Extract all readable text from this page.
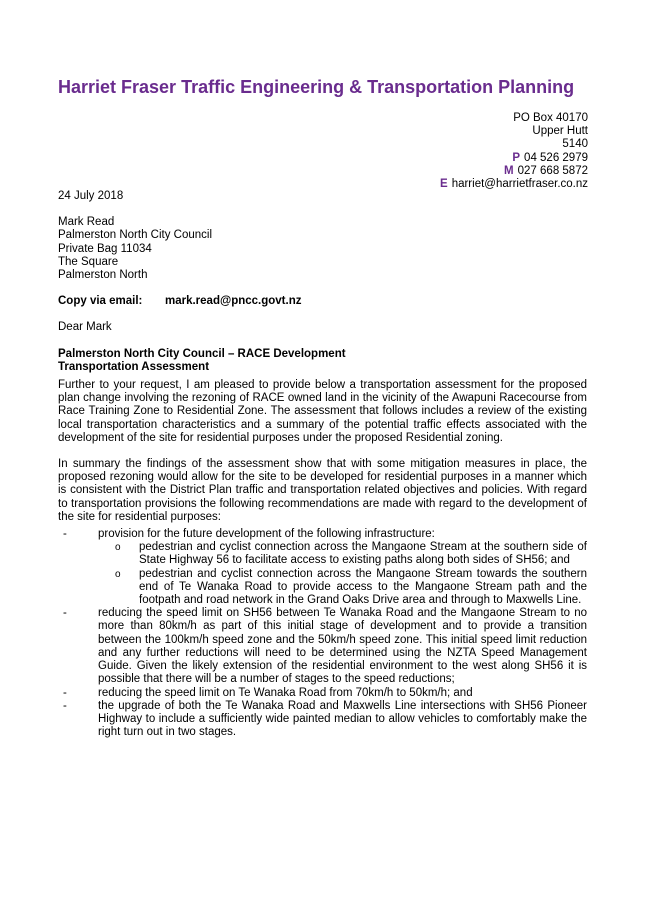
Harriet Fraser Traffic Engineering & Transportation Planning
PO Box 40170
Upper Hutt
5140
P 04 526 2979
M 027 668 5872
E harriet@harrietfraser.co.nz

24 July 2018

Mark Read

Palmerston North City Council

Private Bag 11034

The Square

Palmerston North

Copy via email:	mark.read@pncc.govt.nz

Dear Mark

Palmerston North City Council – RACE Development

Transportation Assessment

Further to your request, I am pleased to provide below a transportation assessment for the proposed plan change involving the rezoning of RACE owned land in the vicinity of the Awapuni Racecourse from Race Training Zone to Residential Zone. The assessment that follows includes a review of the existing local transportation characteristics and a summary of the potential traffic effects associated with the development of the site for residential purposes under the proposed Residential zoning.

In summary the findings of the assessment show that with some mitigation measures in place, the proposed rezoning would allow for the site to be developed for residential purposes in a manner which is consistent with the District Plan traffic and transportation related objectives and policies. With regard to transportation provisions the following recommendations are made with regard to the development of the site for residential purposes:

- provision for the future development of the following infrastructure:
o pedestrian and cyclist connection across the Mangaone Stream at the southern side of State Highway 56 to facilitate access to existing paths along both sides of SH56; and
o pedestrian and cyclist connection across the Mangaone Stream towards the southern end of Te Wanaka Road to provide access to the Mangaone Stream path and the footpath and road network in the Grand Oaks Drive area and through to Maxwells Line.
- reducing the speed limit on SH56 between Te Wanaka Road and the Mangaone Stream to no more than 80km/h as part of this initial stage of development and to provide a transition between the 100km/h speed zone and the 50km/h speed zone. This initial speed limit reduction and any further reductions will need to be determined using the NZTA Speed Management Guide. Given the likely extension of the residential environment to the west along SH56 it is possible that there will be a number of stages to the speed reductions;
- reducing the speed limit on Te Wanaka Road from 70km/h to 50km/h; and
- the upgrade of both the Te Wanaka Road and Maxwells Line intersections with SH56 Pioneer Highway to include a sufficiently wide painted median to allow vehicles to comfortably make the right turn out in two stages.
